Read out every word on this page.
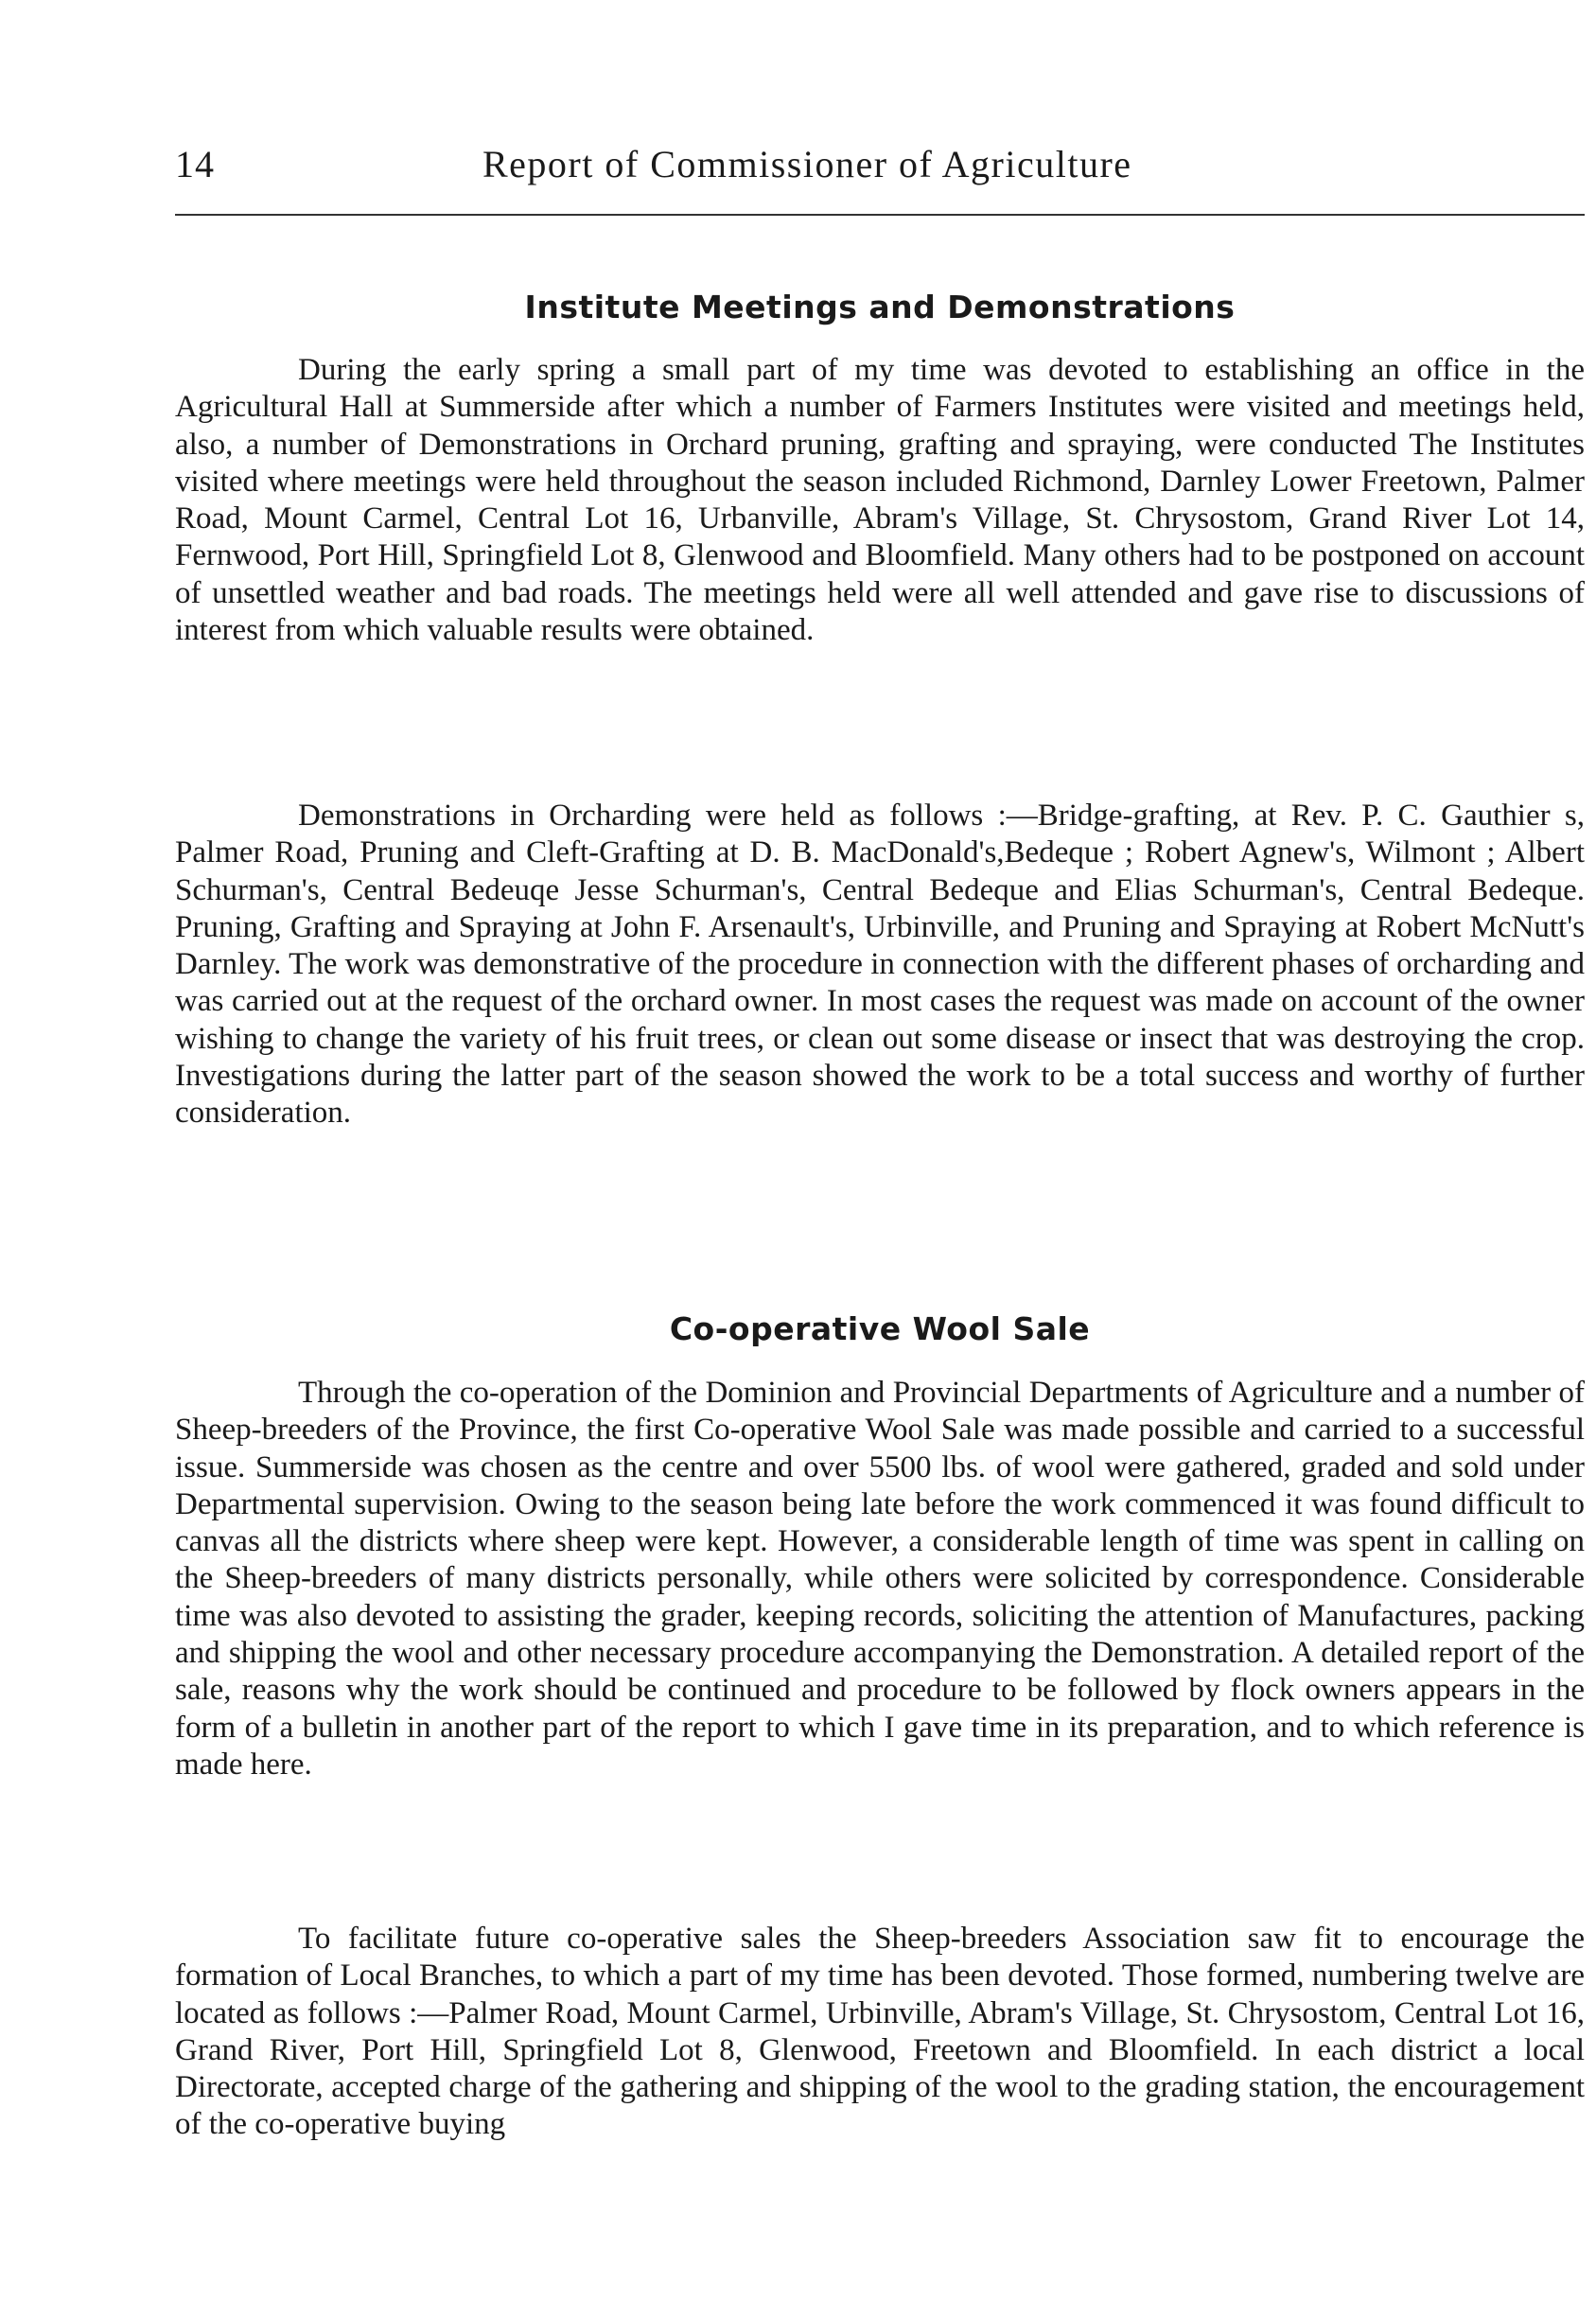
14	Report of Commissioner of Agriculture
Institute Meetings and Demonstrations

During the early spring a small part of my time was devoted to establishing an office in the Agricultural Hall at Summerside after which a number of Farmers Institutes were visited and meetings held, also, a number of Demonstrations in Orchard pruning, grafting and spraying, were conducted The Institutes visited where meetings were held throughout the season included Richmond, Darnley Lower Freetown, Palmer Road, Mount Carmel, Central Lot 16, Urbanville, Abram's Village, St. Chrysostom, Grand River Lot 14, Fernwood, Port Hill, Springfield Lot 8, Glenwood and Bloomfield. Many others had to be postponed on account of unsettled weather and bad roads. The meetings held were all well attended and gave rise to discussions of interest from which valuable results were obtained.

Demonstrations in Orcharding were held as follows :—Bridge-grafting, at Rev. P. C. Gauthier s, Palmer Road, Pruning and Cleft-Grafting at D. B. MacDonald's,Bedeque ; Robert Agnew's, Wilmont ; Albert Schurman's, Central Bedeuqe Jesse Schurman's, Central Bedeque and Elias Schurman's, Central Bedeque. Pruning, Grafting and Spraying at John F. Arsenault's, Urbinville, and Pruning and Spraying at Robert McNutt's Darnley. The work was demonstrative of the procedure in connection with the different phases of orcharding and was carried out at the request of the orchard owner. In most cases the request was made on account of the owner wishing to change the variety of his fruit trees, or clean out some disease or insect that was destroying the crop. Investigations during the latter part of the season showed the work to be a total success and worthy of further consideration.

Co-operative Wool Sale

Through the co-operation of the Dominion and Provincial Departments of Agriculture and a number of Sheep-breeders of the Province, the first Co-operative Wool Sale was made possible and carried to a successful issue. Summerside was chosen as the centre and over 5500 lbs. of wool were gathered, graded and sold under Departmental supervision. Owing to the season being late before the work commenced it was found difficult to canvas all the districts where sheep were kept. However, a considerable length of time was spent in calling on the Sheep-breeders of many districts personally, while others were solicited by correspondence. Considerable time was also devoted to assisting the grader, keeping records, soliciting the attention of Manufactures, packing and shipping the wool and other necessary procedure accompanying the Demonstration. A detailed report of the sale, reasons why the work should be continued and procedure to be followed by flock owners appears in the form of a bulletin in another part of the report to which I gave time in its preparation, and to which reference is made here.

To facilitate future co-operative sales the Sheep-breeders Association saw fit to encourage the formation of Local Branches, to which a part of my time has been devoted. Those formed, numbering twelve are located as follows :—Palmer Road, Mount Carmel, Urbinville, Abram's Village, St. Chrysostom, Central Lot 16, Grand River, Port Hill, Springfield Lot 8, Glenwood, Freetown and Bloomfield. In each district a local Directorate, accepted charge of the gathering and shipping of the wool to the grading station, the encouragement of the co-operative buying
